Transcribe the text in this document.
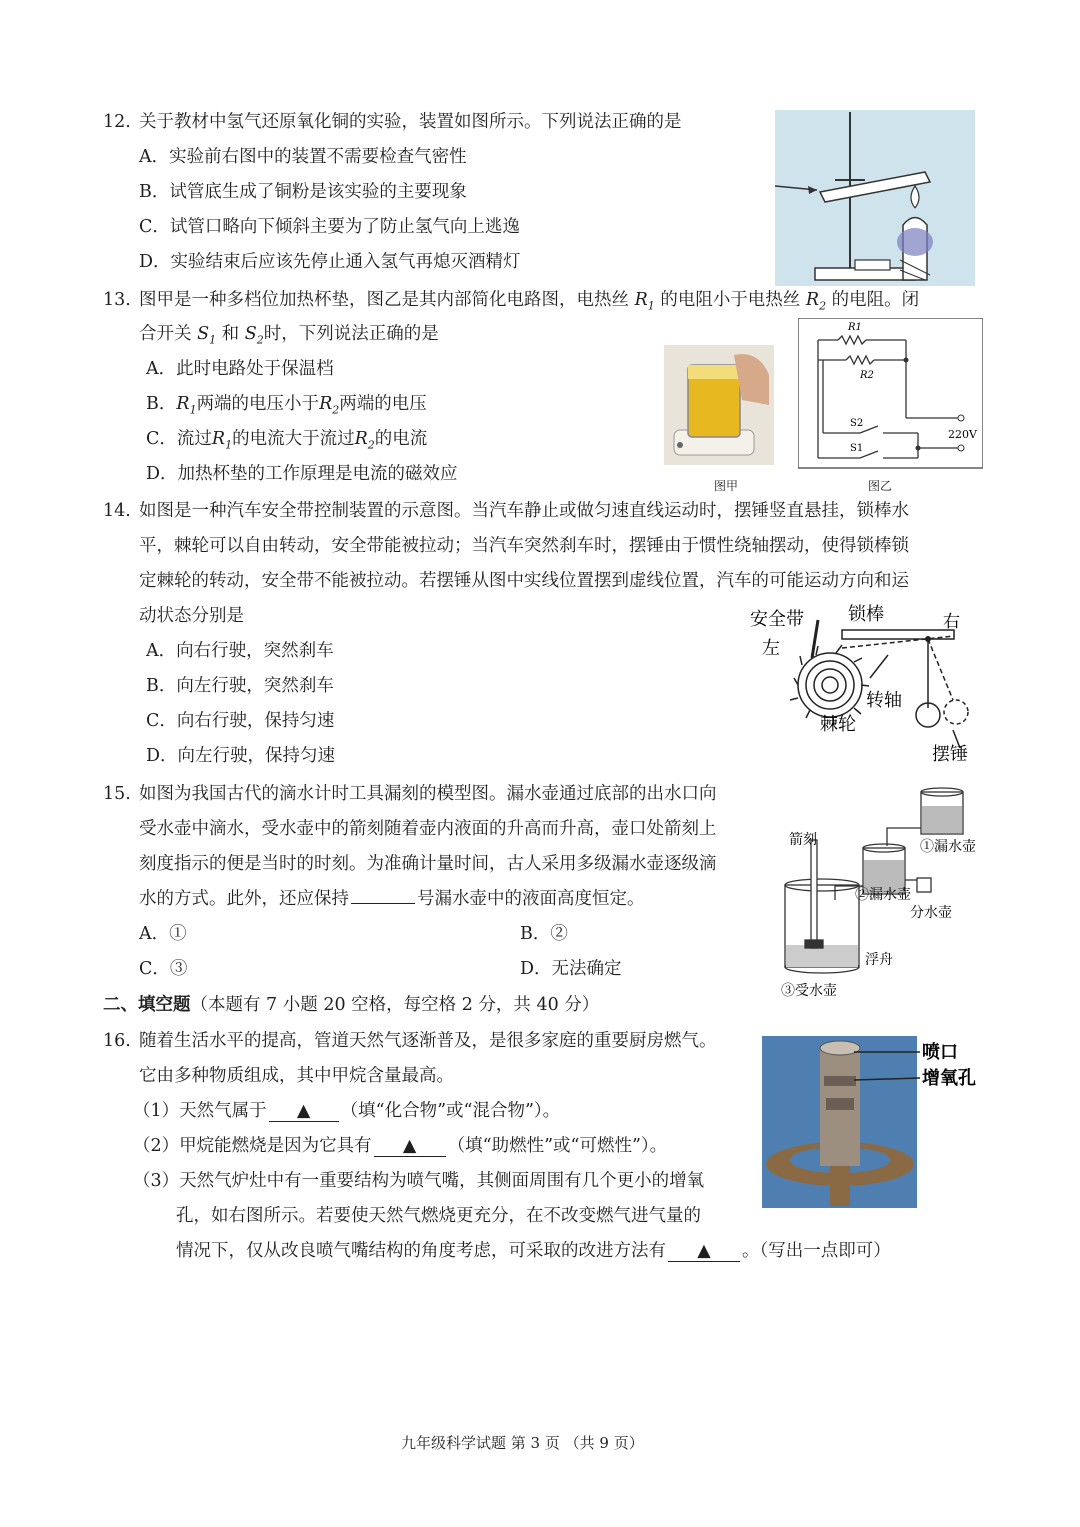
12. 关于教材中氢气还原氧化铜的实验，装置如图所示。下列说法正确的是
A．实验前右图中的装置不需要检查气密性
B．试管底生成了铜粉是该实验的主要现象
C．试管口略向下倾斜主要为了防止氢气向上逃逸
D．实验结束后应该先停止通入氢气再熄灭酒精灯
13. 图甲是一种多档位加热杯垫，图乙是其内部简化电路图，电热丝 $R_1$ 的电阻小于电热丝 $R_2$ 的电阻。闭
合开关 $S_1$ 和 $S_2$时，下列说法正确的是
A．此时电路处于保温档
B．$R_1$两端的电压小于$R_2$两端的电压
C．流过$R_1$的电流大于流过$R_2$的电流
D．加热杯垫的工作原理是电流的磁效应
图甲
R1
R2
S2
S1
220V
图乙
14. 如图是一种汽车安全带控制装置的示意图。当汽车静止或做匀速直线运动时，摆锤竖直悬挂，锁棒水
平，棘轮可以自由转动，安全带能被拉动；当汽车突然刹车时，摆锤由于惯性绕轴摆动，使得锁棒锁
定棘轮的转动，安全带不能被拉动。若摆锤从图中实线位置摆到虚线位置，汽车的可能运动方向和运
动状态分别是
A．向右行驶，突然刹车
B．向左行驶，突然刹车
C．向右行驶，保持匀速
D．向左行驶，保持匀速
安全带
左
锁棒	右
转轴
棘轮
摆锤
15. 如图为我国古代的滴水计时工具漏刻的模型图。漏水壶通过底部的出水口向
受水壶中滴水，受水壶中的箭刻随着壶内液面的升高而升高，壶口处箭刻上
刻度指示的便是当时的时刻。为准确计量时间，古人采用多级漏水壶逐级滴
水的方式。此外，还应保持	号漏水壶中的液面高度恒定。
A．①	B．②
C．③	D．无法确定
箭刻	①漏水壶
②漏水壶
分水壶
浮舟
③受水壶
二、填空题（本题有 7 小题 20 空格，每空格 2 分，共 40 分）
16. 随着生活水平的提高，管道天然气逐渐普及，是很多家庭的重要厨房燃气。
它由多种物质组成，其中甲烷含量最高。
（1）天然气属于 ▲ （填“化合物”或“混合物”）。
（2）甲烷能燃烧是因为它具有 ▲ （填“助燃性”或“可燃性”）。
（3）天然气炉灶中有一重要结构为喷气嘴，其侧面周围有几个更小的增氧
孔，如右图所示。若要使天然气燃烧更充分，在不改变燃气进气量的
情况下，仅从改良喷气嘴结构的角度考虑，可采取的改进方法有 ▲ 。（写出一点即可）
喷口
增氧孔
九年级科学试题 第 3 页 （共 9 页）
